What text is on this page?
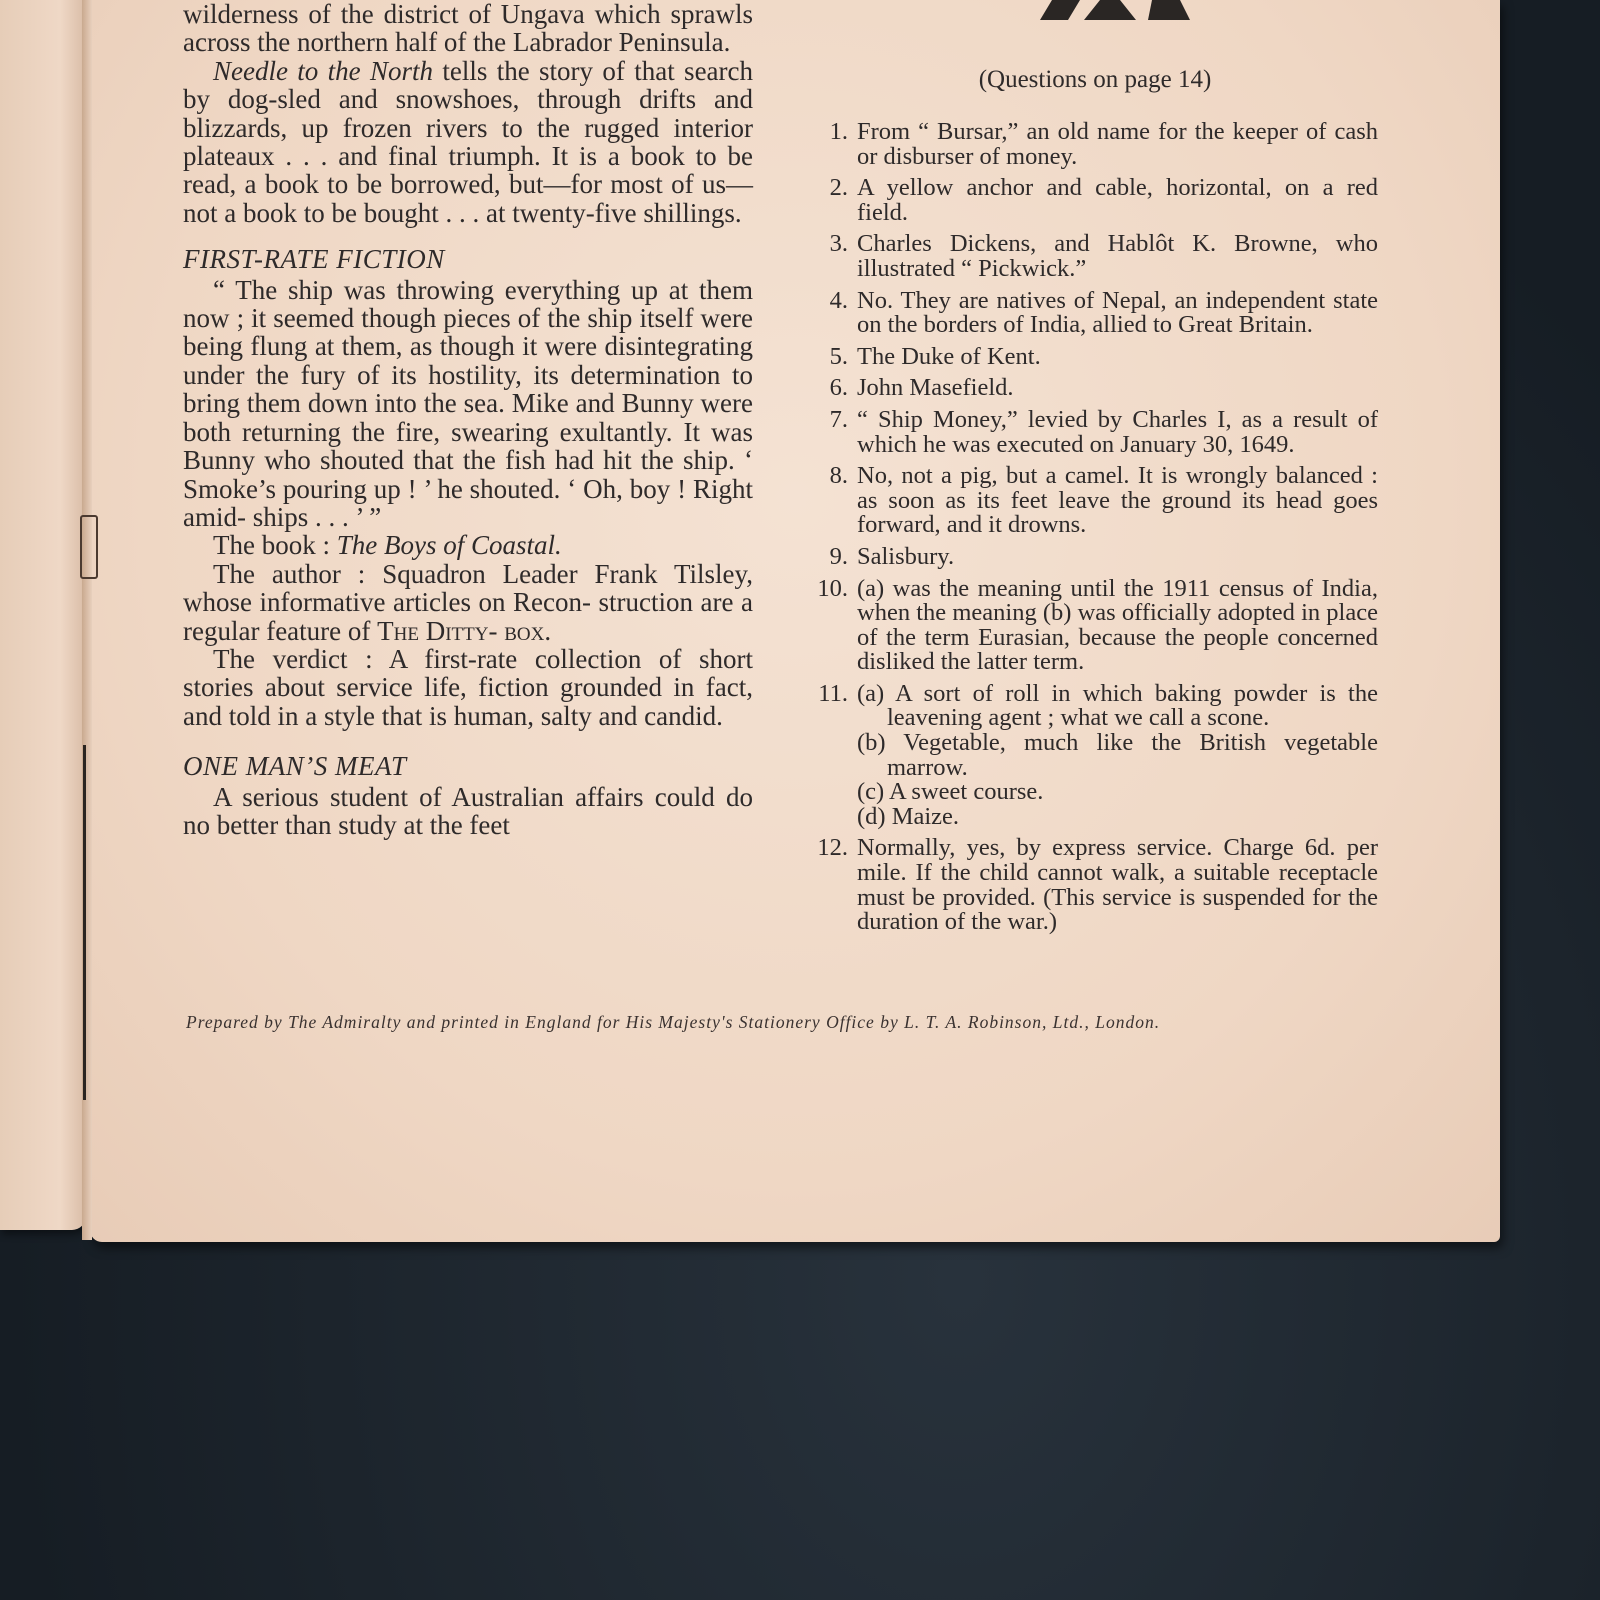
wilderness of the district of Ungava which sprawls across the northern half of the Labrador Peninsula.

Needle to the North tells the story of that search by dog-sled and snowshoes, through drifts and blizzards, up frozen rivers to the rugged interior plateaux . . . and final triumph. It is a book to be read, a book to be borrowed, but—for most of us—not a book to be bought . . . at twenty-five shillings.

FIRST-RATE FICTION

“ The ship was throwing everything up at them now ; it seemed though pieces of the ship itself were being flung at them, as though it were disintegrating under the fury of its hostility, its determination to bring them down into the sea. Mike and Bunny were both returning the fire, swearing exultantly. It was Bunny who shouted that the fish had hit the ship. ‘ Smoke’s pouring up ! ’ he shouted. ‘ Oh, boy ! Right amid- ships . . . ’ ”

The book : The Boys of Coastal.

The author : Squadron Leader Frank Tilsley, whose informative articles on Recon- struction are a regular feature of The Ditty- box.

The verdict : A first-rate collection of short stories about service life, fiction grounded in fact, and told in a style that is human, salty and candid.

ONE MAN’S MEAT

A serious student of Australian affairs could do no better than study at the feet

(Questions on page 14)
1. From “ Bursar,” an old name for the keeper of cash or disburser of money.
2. A yellow anchor and cable, horizontal, on a red field.
3. Charles Dickens, and Hablôt K. Browne, who illustrated “ Pickwick.”
4. No. They are natives of Nepal, an independent state on the borders of India, allied to Great Britain.
5. The Duke of Kent.
6. John Masefield.
7. “ Ship Money,” levied by Charles I, as a result of which he was executed on January 30, 1649.
8. No, not a pig, but a camel. It is wrongly balanced : as soon as its feet leave the ground its head goes forward, and it drowns.
9. Salisbury.
10. (a) was the meaning until the 1911 census of India, when the meaning (b) was officially adopted in place of the term Eurasian, because the people concerned disliked the latter term.
11. (a) A sort of roll in which baking powder is the leavening agent ; what we call a scone.
(b) Vegetable, much like the British vegetable marrow.
(c) A sweet course.
(d) Maize.
12. Normally, yes, by express service. Charge 6d. per mile. If the child cannot walk, a suitable receptacle must be provided. (This service is suspended for the duration of the war.)
Prepared by The Admiralty and printed in England for His Majesty's Stationery Office by L. T. A. Robinson, Ltd., London.
